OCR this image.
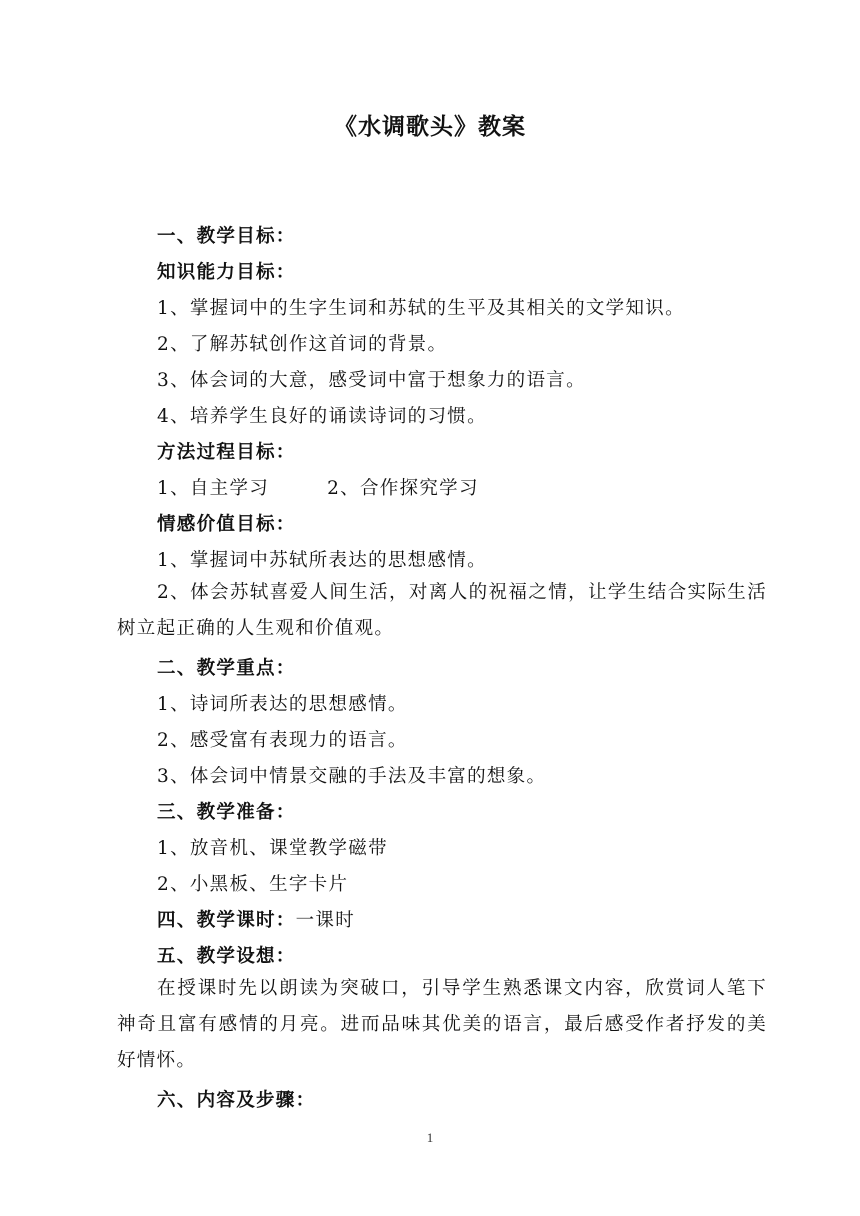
《水调歌头》教案
一、教学目标：
知识能力目标：
1、掌握词中的生字生词和苏轼的生平及其相关的文学知识。
2、了解苏轼创作这首词的背景。
3、体会词的大意，感受词中富于想象力的语言。
4、培养学生良好的诵读诗词的习惯。
方法过程目标：
1、自主学习	2、合作探究学习
情感价值目标：
1、掌握词中苏轼所表达的思想感情。
2、体会苏轼喜爱人间生活，对离人的祝福之情，让学生结合实际生活树立起正确的人生观和价值观。
二、教学重点：
1、诗词所表达的思想感情。
2、感受富有表现力的语言。
3、体会词中情景交融的手法及丰富的想象。
三、教学准备：
1、放音机、课堂教学磁带
2、小黑板、生字卡片
四、教学课时：一课时
五、教学设想：
在授课时先以朗读为突破口，引导学生熟悉课文内容，欣赏词人笔下神奇且富有感情的月亮。进而品味其优美的语言，最后感受作者抒发的美好情怀。
六、内容及步骤：
1
